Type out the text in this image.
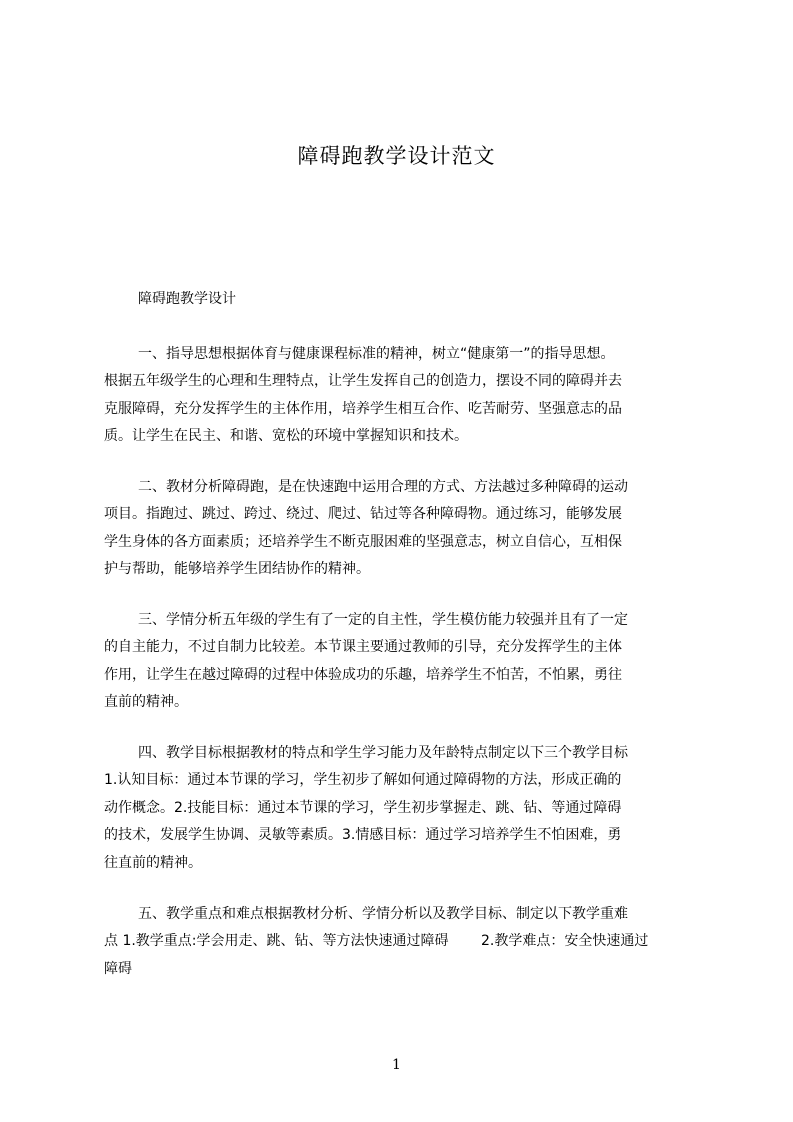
障碍跑教学设计范文

障碍跑教学设计

一、指导思想根据体育与健康课程标准的精神，树立“健康第一”的指导思想。
根据五年级学生的心理和生理特点，让学生发挥自己的创造力，摆设不同的障碍并去
克服障碍，充分发挥学生的主体作用，培养学生相互合作、吃苦耐劳、坚强意志的品
质。让学生在民主、和谐、宽松的环境中掌握知识和技术。
二、教材分析障碍跑，是在快速跑中运用合理的方式、方法越过多种障碍的运动
项目。指跑过、跳过、跨过、绕过、爬过、钻过等各种障碍物。通过练习，能够发展
学生身体的各方面素质；还培养学生不断克服困难的坚强意志，树立自信心，互相保
护与帮助，能够培养学生团结协作的精神。
三、学情分析五年级的学生有了一定的自主性，学生模仿能力较强并且有了一定
的自主能力，不过自制力比较差。本节课主要通过教师的引导，充分发挥学生的主体
作用，让学生在越过障碍的过程中体验成功的乐趣，培养学生不怕苦，不怕累，勇往
直前的精神。
四、教学目标根据教材的特点和学生学习能力及年龄特点制定以下三个教学目标
1.认知目标：通过本节课的学习，学生初步了解如何通过障碍物的方法，形成正确的
动作概念。2.技能目标：通过本节课的学习，学生初步掌握走、跳、钻、等通过障碍
的技术，发展学生协调、灵敏等素质。3.情感目标：通过学习培养学生不怕困难，勇
往直前的精神。
五、教学重点和难点根据教材分析、学情分析以及教学目标、制定以下教学重难
点 1.教学重点:学会用走、跳、钻、等方法快速通过障碍　　 2.教学难点：安全快速通过
障碍
1
